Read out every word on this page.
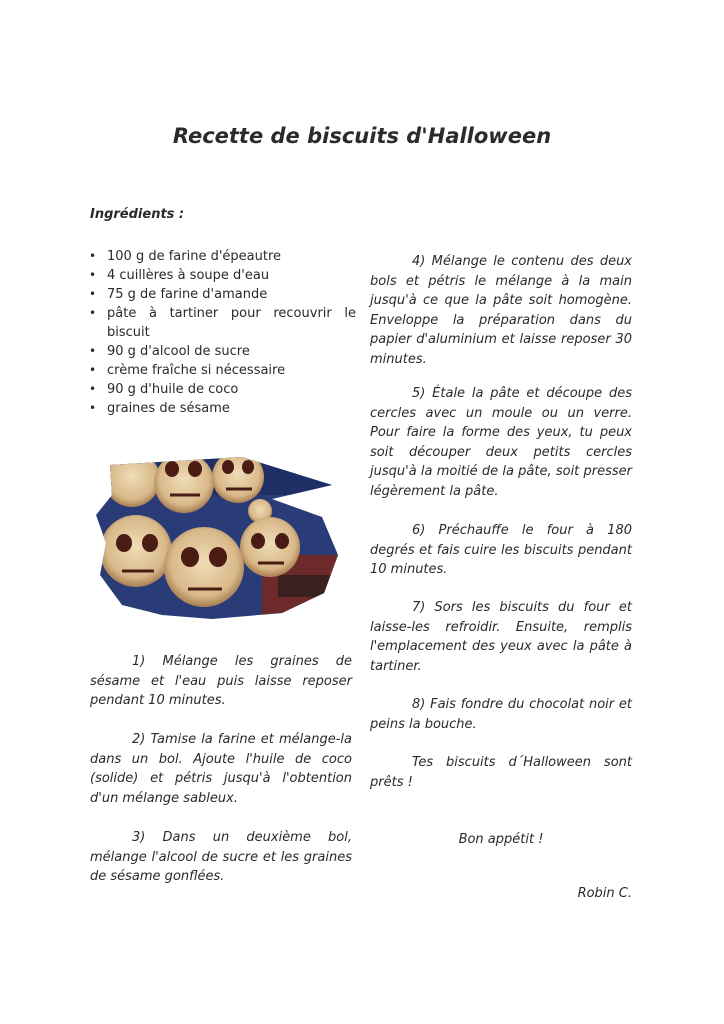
Recette de biscuits d'Halloween
Ingrédients :
• 100 g de farine d'épeautre
• 4 cuillères à soupe d'eau
• 75 g de farine d'amande
• pâte à tartiner pour recouvrir le biscuit
• 90 g d'alcool de sucre
• crème fraîche si nécessaire
• 90 g d'huile de coco
• graines de sésame
1) Mélange les graines de sésame et l'eau puis laisse reposer pendant 10 minutes.
2) Tamise la farine et mélange-la dans un bol. Ajoute l'huile de coco (solide) et pétris jusqu'à l'obtention d'un mélange sableux.
3) Dans un deuxième bol, mélange l'alcool de sucre et les graines de sésame gonflées.
4) Mélange le contenu des deux bols et pétris le mélange à la main jusqu'à ce que la pâte soit homogène. Enveloppe la préparation dans du papier d'aluminium et laisse reposer 30 minutes.
5) Étale la pâte et découpe des cercles avec un moule ou un verre. Pour faire la forme des yeux, tu peux soit découper deux petits cercles jusqu'à la moitié de la pâte, soit presser légèrement la pâte.
6) Préchauffe le four à 180 degrés et fais cuire les biscuits pendant 10 minutes.
7) Sors les biscuits du four et laisse-les refroidir. Ensuite, remplis l'emplacement des yeux avec la pâte à tartiner.
8) Fais fondre du chocolat noir et peins la bouche.
Tes biscuits d´Halloween sont prêts !
Bon appétit !
Robin C.
